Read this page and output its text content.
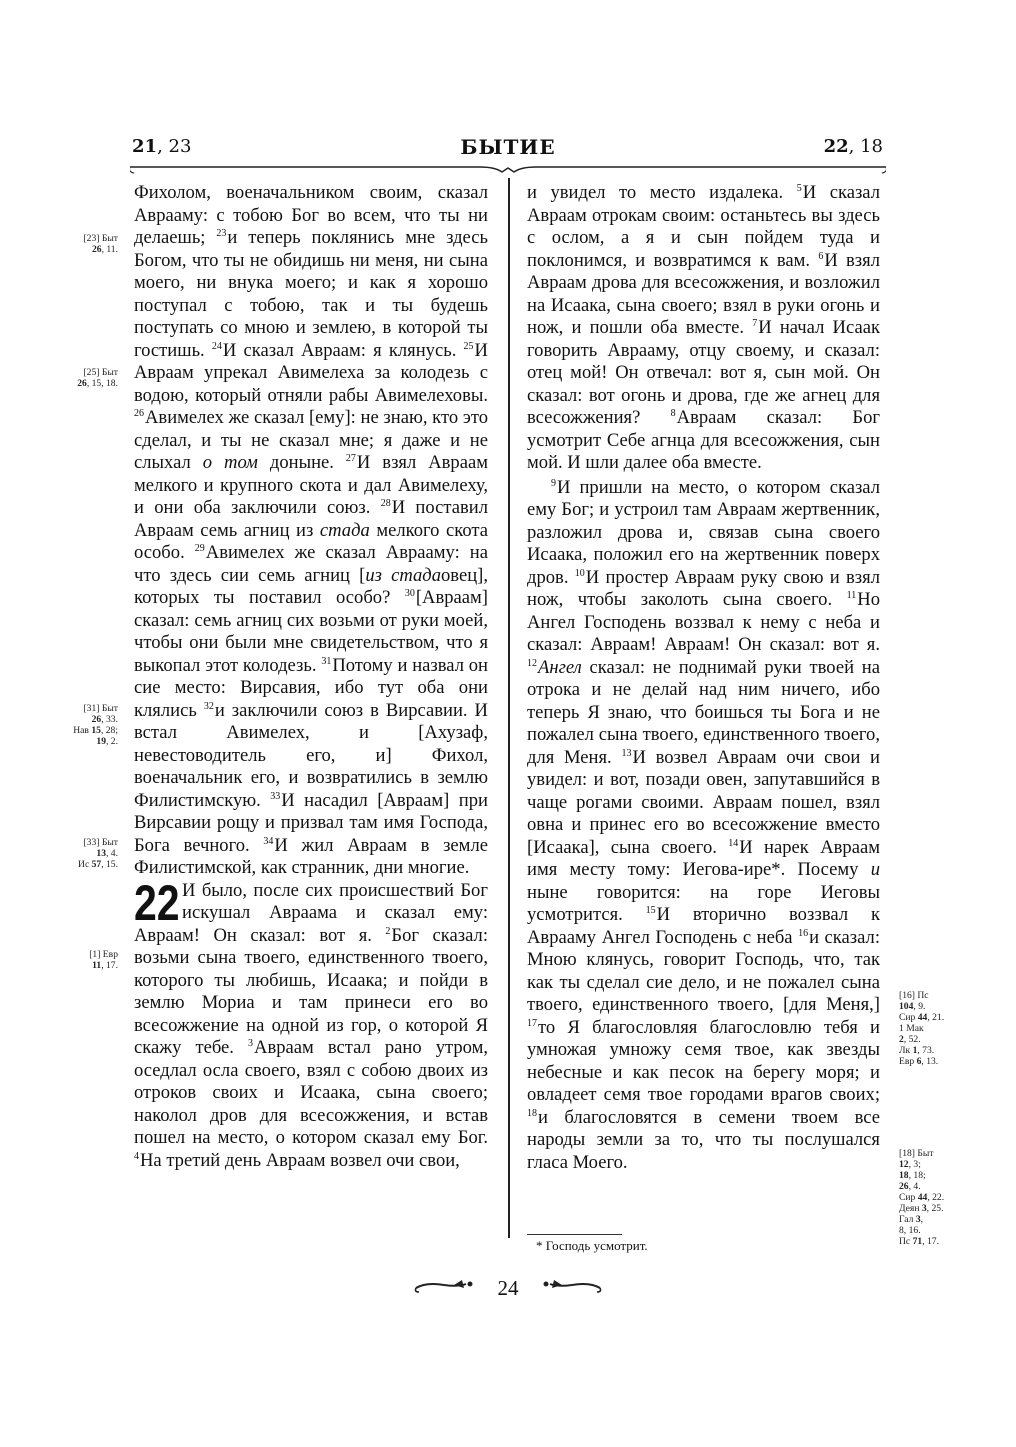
21, 23	БЫТИЕ	22, 18

Фихолом, военачальником своим, сказал Аврааму: с тобою Бог во всем, что ты ни делаешь; $^{23}$и теперь поклянись мне здесь Богом, что ты не обидишь ни меня, ни сына моего, ни внука моего; и как я хорошо поступал с тобою, так и ты будешь поступать со мною и землею, в которой ты гостишь. $^{24}$И сказал Авраам: я клянусь. $^{25}$И Авраам упрекал Авимелеха за колодезь с водою, который отняли рабы Авимелеховы. $^{26}$Авимелех же сказал [ему]: не знаю, кто это сделал, и ты не сказал мне; я даже и не слыхал о том доныне. $^{27}$И взял Авраам мелкого и крупного скота и дал Авимелеху, и они оба заключили союз. $^{28}$И поставил Авраам семь агниц из стада мелкого скота особо. $^{29}$Авимелех же сказал Аврааму: на что здесь сии семь агниц [из стадаовец], которых ты поставил особо? $^{30}$[Авраам] сказал: семь агниц сих возьми от руки моей, чтобы они были мне свидетельством, что я выкопал этот колодезь. $^{31}$Потому и назвал он сие место: Вирсавия, ибо тут оба они клялись $^{32}$и заключили союз в Вирсавии. И встал Авимелех, и [Ахузаф, невестоводитель его, и] Фихол, военачальник его, и возвратились в землю Филистимскую. $^{33}$И насадил [Авраам] при Вирсавии рощу и призвал там имя Господа, Бога вечного. $^{34}$И жил Авраам в земле Филистимской, как странник, дни многие.

22 И было, после сих происшествий Бог искушал Авраама и сказал ему: Авраам! Он сказал: вот я. $^2$Бог сказал: возьми сына твоего, единственного твоего, которого ты любишь, Исаака; и пойди в землю Мориа и там принеси его во всесожжение на одной из гор, о которой Я скажу тебе. $^3$Авраам встал рано утром, оседлал осла своего, взял с собою двоих из отроков своих и Исаака, сына своего; наколол дров для всесожжения, и встав пошел на место, о котором сказал ему Бог. $^4$На третий день Авраам возвел очи свои,

и увидел то место издалека. $^5$И сказал Авраам отрокам своим: останьтесь вы здесь с ослом, а я и сын пойдем туда и поклонимся, и возвратимся к вам. $^6$И взял Авраам дрова для всесожжения, и возложил на Исаака, сына своего; взял в руки огонь и нож, и пошли оба вместе. $^7$И начал Исаак говорить Аврааму, отцу своему, и сказал: отец мой! Он отвечал: вот я, сын мой. Он сказал: вот огонь и дрова, где же агнец для всесожжения?	$^8$Авраам сказал: Бог усмотрит Себе агнца для всесожжения, сын мой. И шли далее оба вместе.

$^9$И пришли на место, о котором сказал ему Бог; и устроил там Авраам жертвенник, разложил дрова и, связав сына своего Исаака, положил его на жертвенник поверх дров. $^{10}$И простер Авраам руку свою и взял нож, чтобы заколоть сына своего. $^{11}$Но Ангел Господень воззвал к нему с неба и сказал: Авраам! Авраам! Он сказал: вот я. $^{12}$Ангел сказал: не поднимай руки твоей на отрока и не делай над ним ничего, ибо теперь Я знаю, что боишься ты Бога и не пожалел сына твоего, единственного твоего, для Меня. $^{13}$И возвел Авраам очи свои и увидел: и вот, позади овен, запутавшийся в чаще рогами своими. Авраам пошел, взял овна и принес его во всесожжение вместо [Исаака], сына своего. $^{14}$И нарек Авраам имя месту тому: Иегова-ире*. Посему и ныне говорится: на горе Иеговы усмотрится. $^{15}$И вторично воззвал к Аврааму Ангел Господень с неба $^{16}$и сказал: Мною клянусь, говорит Господь, что, так как ты сделал сие дело, и не пожалел сына твоего, единственного твоего, [для Меня,] $^{17}$то Я благословляя благословлю тебя и умножая умножу семя твое, как звезды небесные и как песок на берегу моря; и овладеет семя твое городами врагов своих; $^{18}$и благословятся в семени твоем все народы земли за то, что ты послушался гласа Моего.

[23] Быт
26, 11.
[25] Быт
26, 15, 18.
[31] Быт
26, 33.
Нав 15, 28;
19, 2.
[33] Быт
13, 4.
Ис 57, 15.
[1] Евр
11, 17.
[16] Пс
104, 9.
Сир 44, 21.
1 Мак
2, 52.
Лк 1, 73.
Евр 6, 13.
[18] Быт
12, 3;
18, 18;
26, 4.
Сир 44, 22.
Деян 3, 25.
Гал 3,
8, 16.
Пс 71, 17.
* Господь усмотрит.
24
